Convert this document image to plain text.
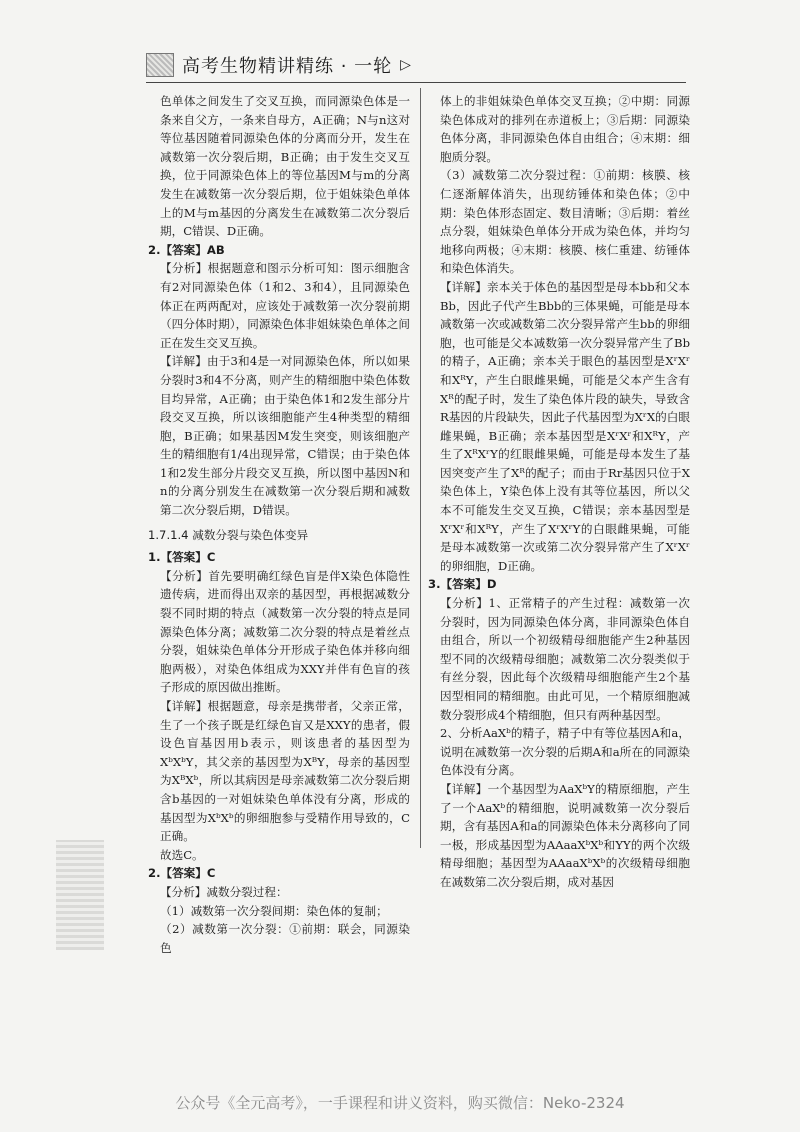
高考生物精讲精练 · 一轮 ▷

色单体之间发生了交叉互换，而同源染色体是一条来自父方，一条来自母方，A正确；N与n这对等位基因随着同源染色体的分离而分开，发生在减数第一次分裂后期，B正确；由于发生交叉互换，位于同源染色体上的等位基因M与m的分离发生在减数第一次分裂后期，位于姐妹染色单体上的M与m基因的分离发生在减数第二次分裂后期，C错误、D正确。

2.【答案】AB

【分析】根据题意和图示分析可知：图示细胞含有2对同源染色体（1和2、3和4），且同源染色体正在两两配对，应该处于减数第一次分裂前期（四分体时期），同源染色体非姐妹染色单体之间正在发生交叉互换。

【详解】由于3和4是一对同源染色体，所以如果分裂时3和4不分离，则产生的精细胞中染色体数目均异常，A正确；由于染色体1和2发生部分片段交叉互换，所以该细胞能产生4种类型的精细胞，B正确；如果基因M发生突变，则该细胞产生的精细胞有1/4出现异常，C错误；由于染色体1和2发生部分片段交叉互换，所以图中基因N和n的分离分别发生在减数第一次分裂后期和减数第二次分裂后期，D错误。

1.7.1.4 减数分裂与染色体变异

1.【答案】C

【分析】首先要明确红绿色盲是伴X染色体隐性遗传病，进而得出双亲的基因型，再根据减数分裂不同时期的特点（减数第一次分裂的特点是同源染色体分离；减数第二次分裂的特点是着丝点分裂，姐妹染色单体分开形成子染色体并移向细胞两极），对染色体组成为XXY并伴有色盲的孩子形成的原因做出推断。

【详解】根据题意，母亲是携带者，父亲正常，生了一个孩子既是红绿色盲又是XXY的患者，假设色盲基因用b表示，则该患者的基因型为XᵇXᵇY，其父亲的基因型为XᴮY，母亲的基因型为XᴮXᵇ，所以其病因是母亲减数第二次分裂后期含b基因的一对姐妹染色单体没有分离，形成的基因型为XᵇXᵇ的卵细胞参与受精作用导致的，C正确。

故选C。

2.【答案】C

【分析】减数分裂过程：

（1）减数第一次分裂间期：染色体的复制；

（2）减数第一次分裂：①前期：联会，同源染色

体上的非姐妹染色单体交叉互换；②中期：同源染色体成对的排列在赤道板上；③后期：同源染色体分离，非同源染色体自由组合；④末期：细胞质分裂。

（3）减数第二次分裂过程：①前期：核膜、核仁逐渐解体消失，出现纺锤体和染色体；②中期：染色体形态固定、数目清晰；③后期：着丝点分裂，姐妹染色单体分开成为染色体，并均匀地移向两极；④末期：核膜、核仁重建、纺锤体和染色体消失。

【详解】亲本关于体色的基因型是母本bb和父本Bb，因此子代产生Bbb的三体果蝇，可能是母本减数第一次或减数第二次分裂异常产生bb的卵细胞，也可能是父本减数第一次分裂异常产生了Bb的精子，A正确；亲本关于眼色的基因型是XʳXʳ和XᴿY，产生白眼雌果蝇，可能是父本产生含有Xᴿ的配子时，发生了染色体片段的缺失，导致含R基因的片段缺失，因此子代基因型为XʳX的白眼雌果蝇，B正确；亲本基因型是XʳXʳ和XᴿY，产生了XᴿXʳY的红眼雌果蝇，可能是母本发生了基因突变产生了Xᴿ的配子；而由于Rr基因只位于X染色体上，Y染色体上没有其等位基因，所以父本不可能发生交叉互换，C错误；亲本基因型是XʳXʳ和XᴿY，产生了XʳXʳY的白眼雌果蝇，可能是母本减数第一次或第二次分裂异常产生了XʳXʳ的卵细胞，D正确。

3.【答案】D

【分析】1、正常精子的产生过程：减数第一次分裂时，因为同源染色体分离，非同源染色体自由组合，所以一个初级精母细胞能产生2种基因型不同的次级精母细胞；减数第二次分裂类似于有丝分裂，因此每个次级精母细胞能产生2个基因型相同的精细胞。由此可见，一个精原细胞减数分裂形成4个精细胞，但只有两种基因型。

2、分析AaXᵇ的精子，精子中有等位基因A和a，说明在减数第一次分裂的后期A和a所在的同源染色体没有分离。

【详解】一个基因型为AaXᵇY的精原细胞，产生了一个AaXᵇ的精细胞，说明减数第一次分裂后期，含有基因A和a的同源染色体未分离移向了同一极，形成基因型为AAaaXᵇXᵇ和YY的两个次级精母细胞；基因型为AAaaXᵇXᵇ的次级精母细胞在减数第二次分裂后期，成对基因

公众号《全元高考》，一手课程和讲义资料，购买微信：Neko-2324
